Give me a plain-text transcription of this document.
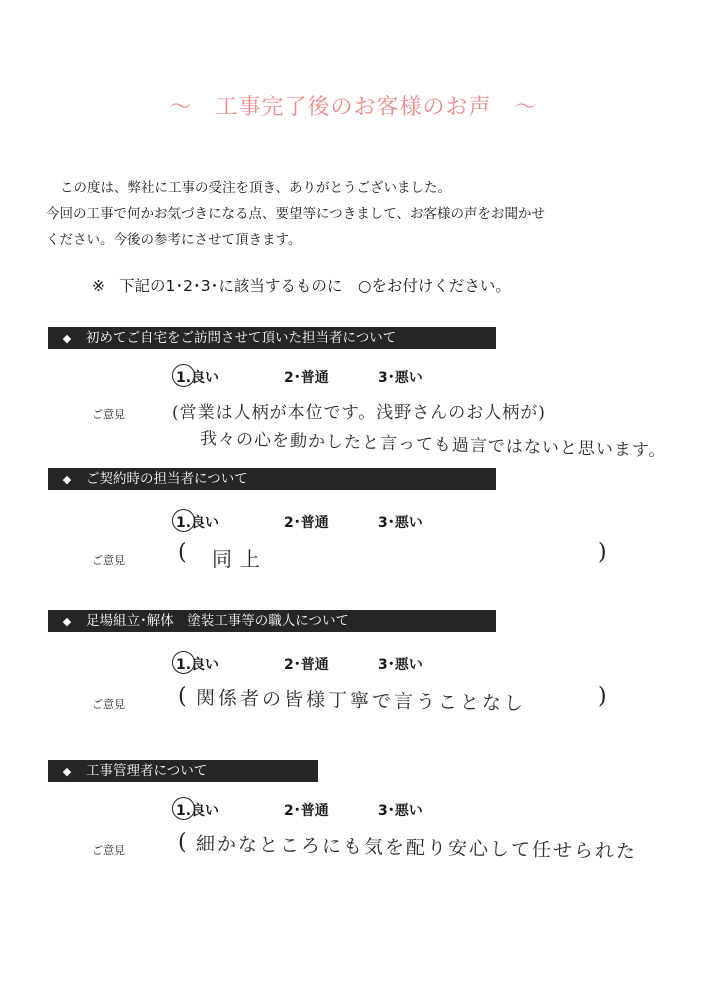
～　工事完了後のお客様のお声　～
この度は、弊社に工事の受注を頂き、ありがとうございました。
今回の工事で何かお気づきになる点、要望等につきまして、お客様の声をお聞かせ
ください。今後の参考にさせて頂きます。
※ 下記の1･2･3･に該当するものに　○をお付けください。
◆ 初めてご自宅をご訪問させて頂いた担当者について
1.良い	2･普通	3･悪い
ご意見	(営業は人柄が本位です。浅野さんのお人柄が)
我々の心を動かしたと言っても過言ではないと思います。
◆ ご契約時の担当者について
1.良い	2･普通	3･悪い
ご意見 ( 同上	)
◆ 足場組立･解体　塗装工事等の職人について
1.良い	2･普通	3･悪い
ご意見 ( 関係者の皆様丁寧で言うことなし	)
◆ 工事管理者について
1.良い	2･普通	3･悪い
ご意見 ( 細かなところにも気を配り安心して任せられた
